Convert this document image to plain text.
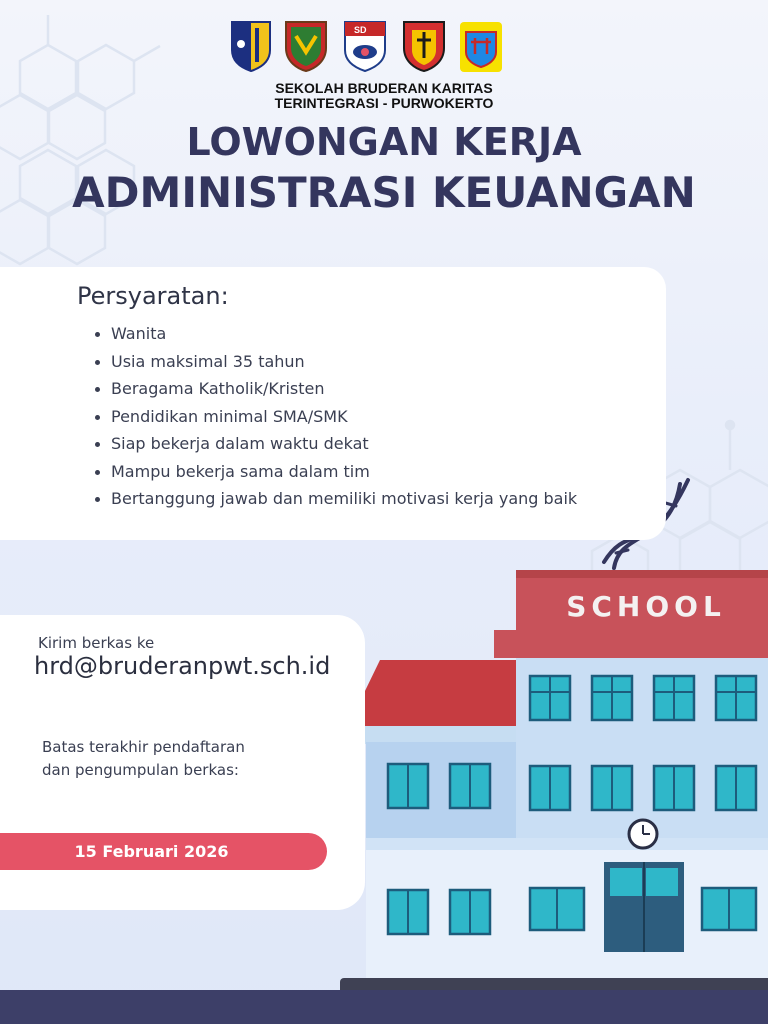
SD
SEKOLAH BRUDERAN KARITAS
TERINTEGRASI - PURWOKERTO
LOWONGAN KERJA
ADMINISTRASI KEUANGAN
Persyaratan:
Wanita
Usia maksimal 35 tahun
Beragama Katholik/Kristen
Pendidikan minimal SMA/SMK
Siap bekerja dalam waktu dekat
Mampu bekerja sama dalam tim
Bertanggung jawab dan memiliki motivasi kerja yang baik
SCHOOL
Kirim berkas ke
hrd@bruderanpwt.sch.id
Batas terakhir pendaftaran
dan pengumpulan berkas:
15 Februari 2026
